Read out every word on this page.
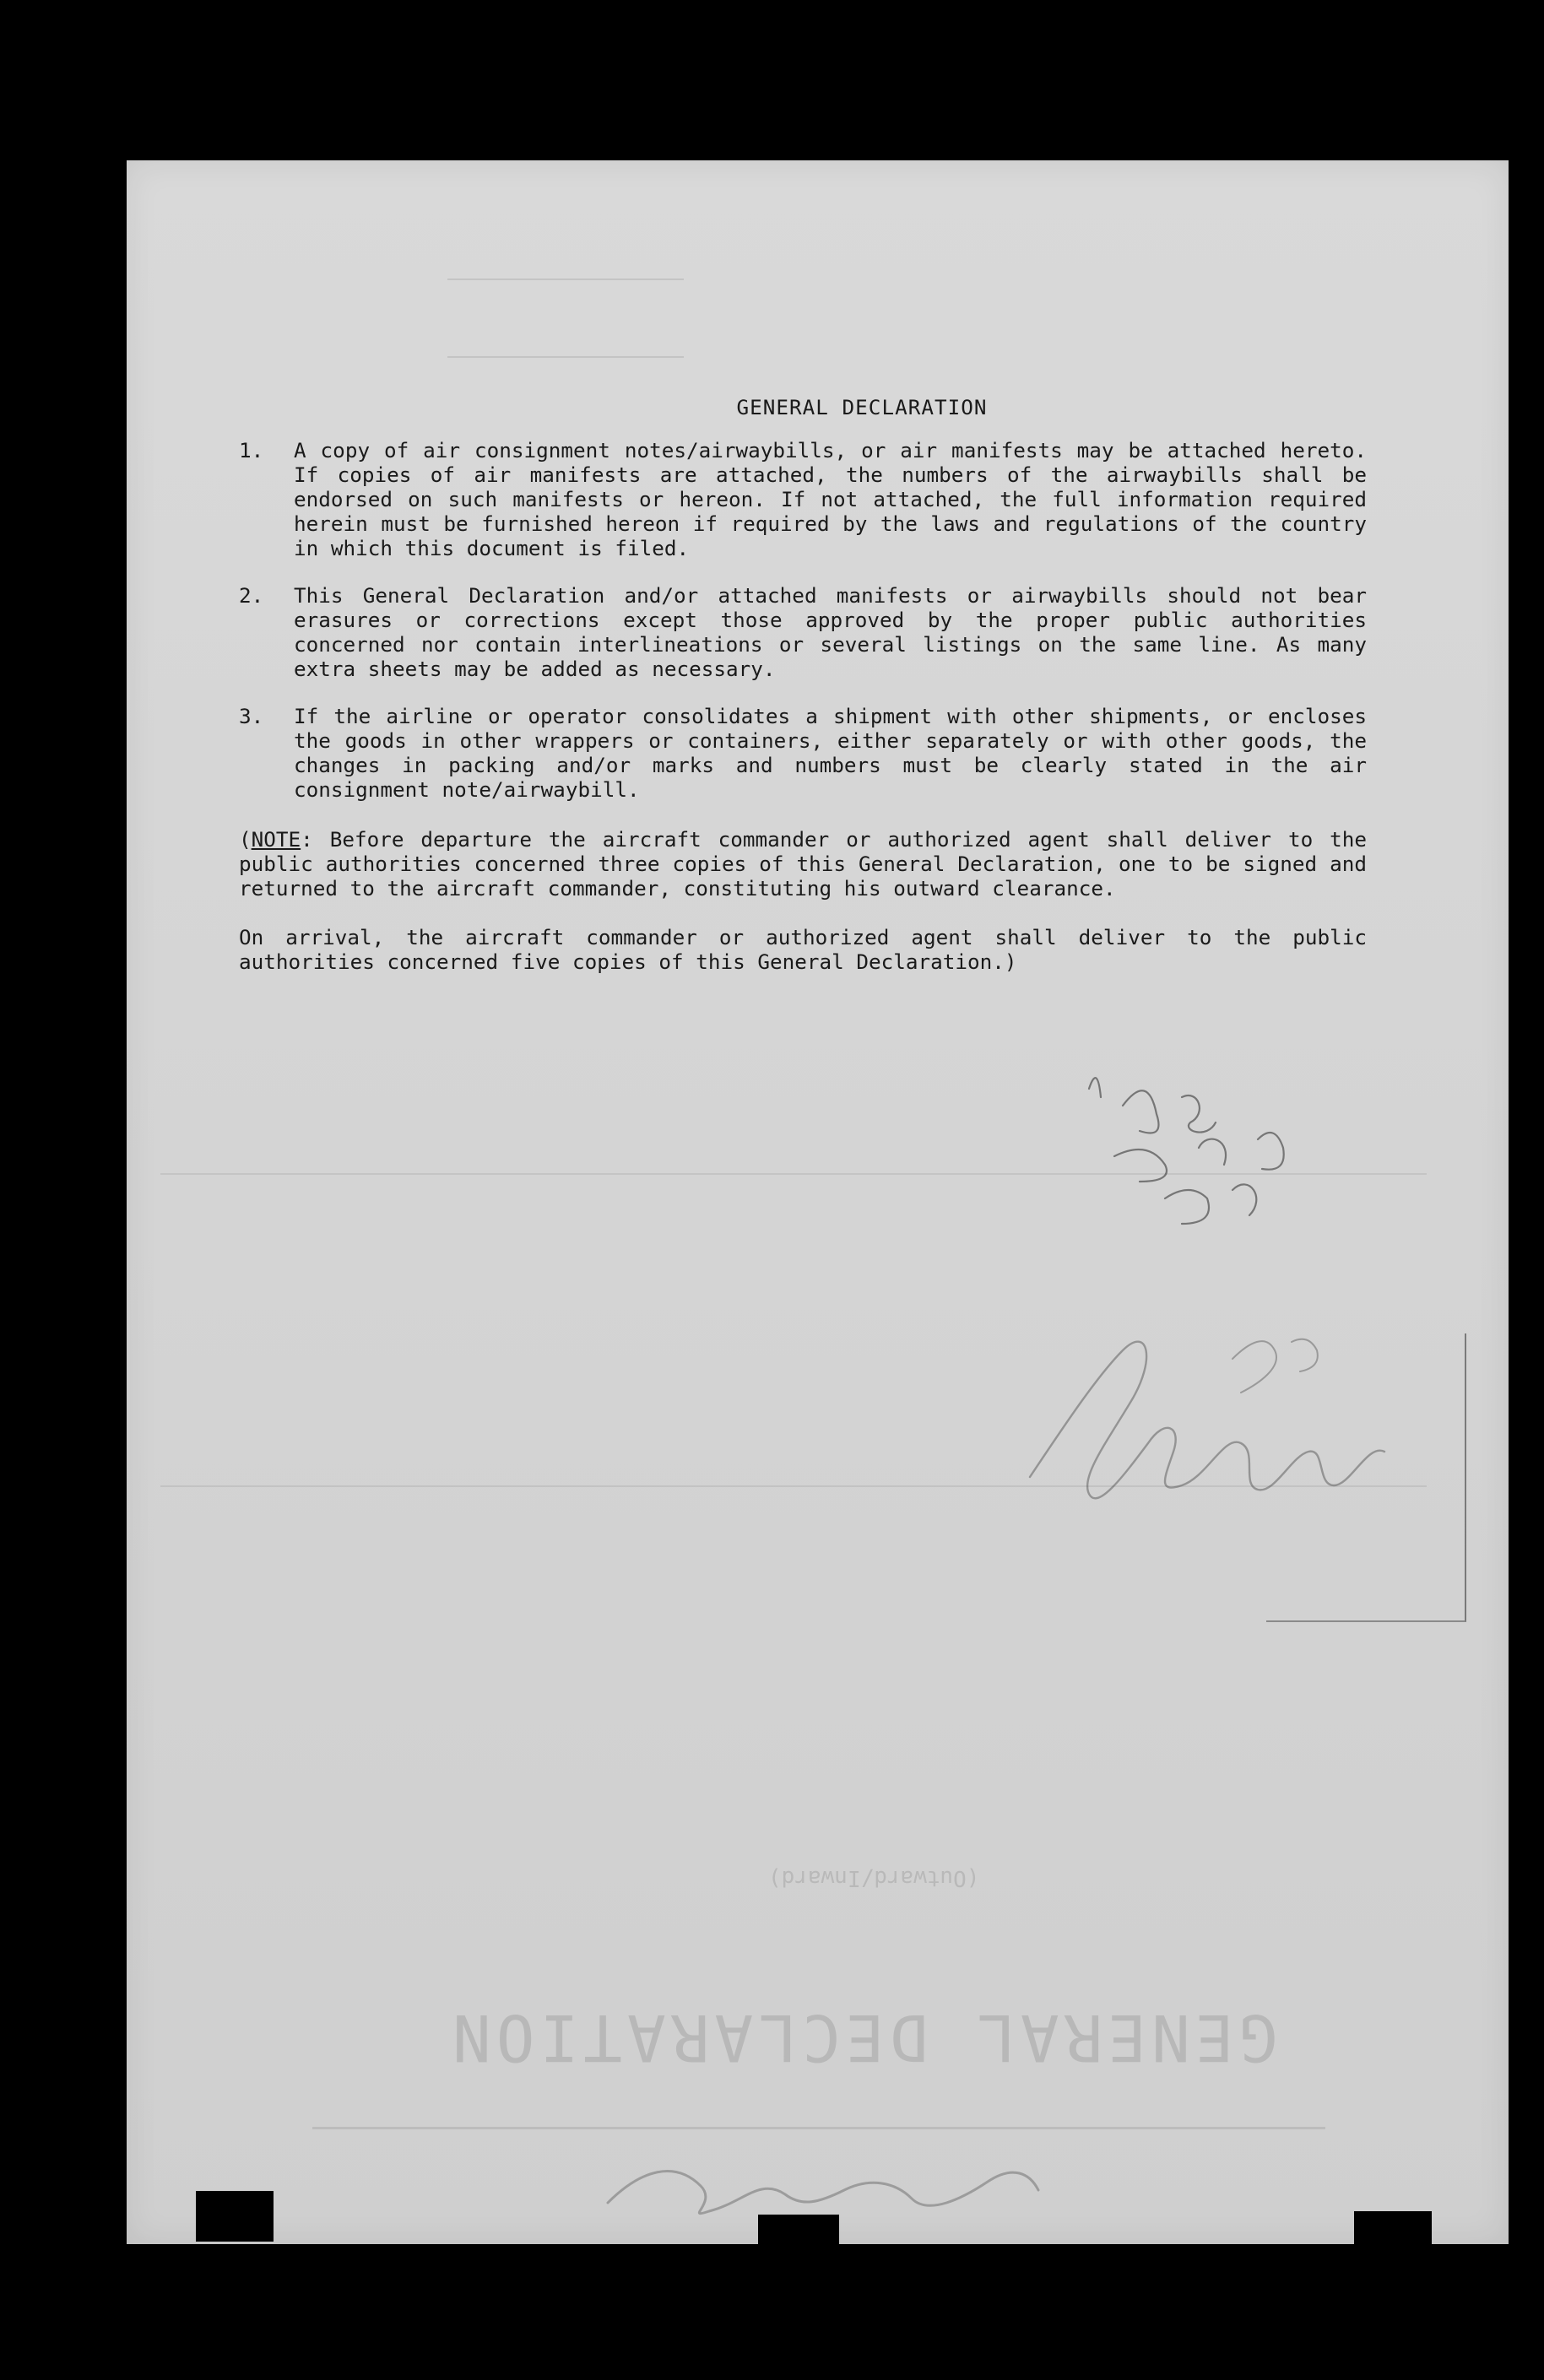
GENERAL DECLARATION
(Outward/Inward)
GENERAL DECLARATION
1.	A copy of air consignment notes/airwaybills, or air manifests may be attached hereto. If copies of air manifests are attached, the numbers of the airwaybills shall be endorsed on such manifests or hereon. If not attached, the full information required herein must be furnished hereon if required by the laws and regulations of the country in which this document is filed.
2.	This General Declaration and/or attached manifests or airwaybills should not bear erasures or corrections except those approved by the proper public authorities concerned nor contain interlineations or several listings on the same line. As many extra sheets may be added as necessary.
3.	If the airline or operator consolidates a shipment with other shipments, or encloses the goods in other wrappers or containers, either separately or with other goods, the changes in packing and/or marks and numbers must be clearly stated in the air consignment note/airwaybill.
(NOTE: Before departure the aircraft commander or authorized agent shall deliver to the public authorities concerned three copies of this General Declaration, one to be signed and returned to the aircraft commander, constituting his outward clearance.
On arrival, the aircraft commander or authorized agent shall deliver to the public authorities concerned five copies of this General Declaration.)
